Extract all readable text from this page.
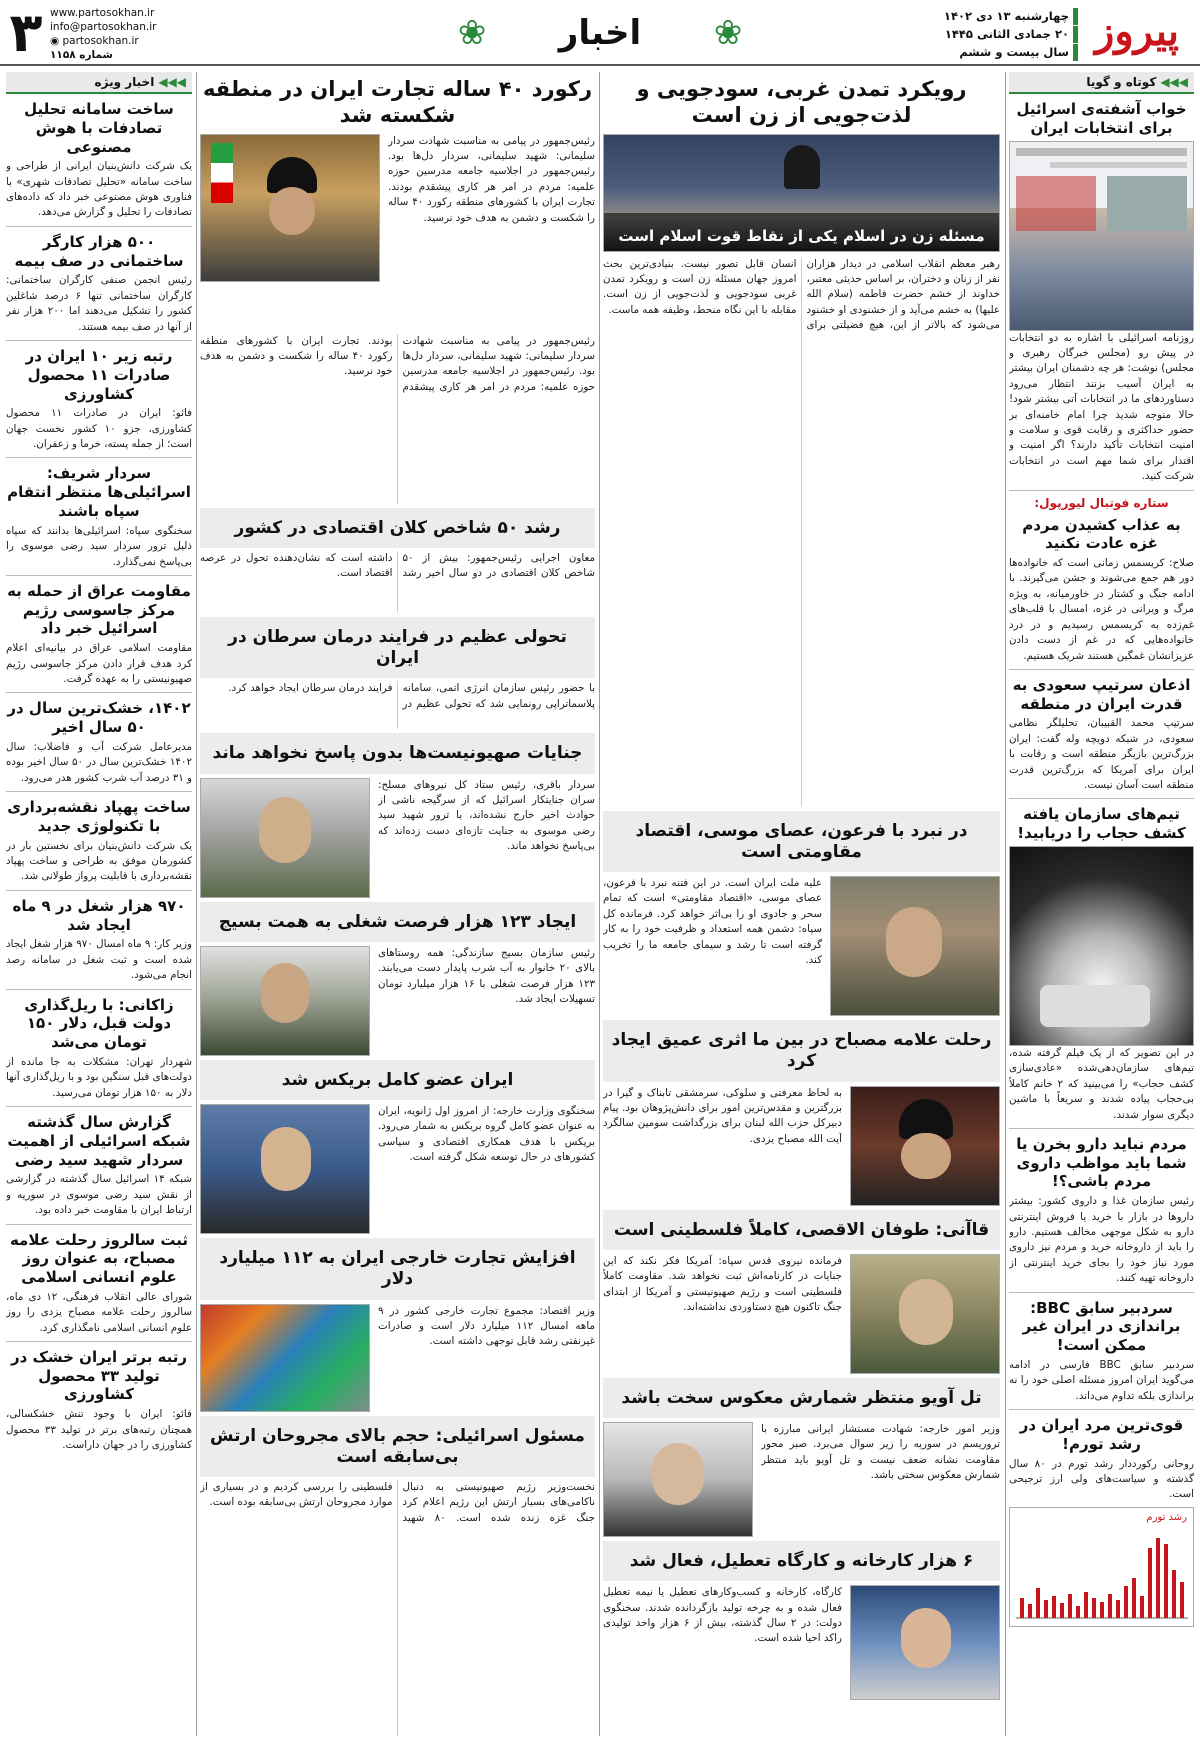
پیروز
چهارشنبه ۱۳ دی ۱۴۰۲
۲۰ جمادی الثانی ۱۴۴۵
سال بیست و ششم
❀
اخبار
❀
www.partosokhan.ir
info@partosokhan.ir
◉ partosokhan.ir
شماره ۱۱۵۸
۳
◀◀◀کوتاه و گویا
خواب آشفته‌ی اسرائیل برای انتخابات ایران

روزنامه اسرائیلی با اشاره به دو انتخابات در پیش رو (مجلس خبرگان رهبری و مجلس) نوشت: هر چه دشمنان ایران بیشتر به ایران آسیب بزنند انتظار می‌رود دستاوردهای ما در انتخابات آتی بیشتر شود! حالا متوجه شدید چرا امام خامنه‌ای بر حضور حداکثری و رقابت قوی و سلامت و امنیت انتخابات تأکید دارند؟ اگر امنیت و اقتدار برای شما مهم است در انتخابات شرکت کنید.

ستاره فوتبال لیورپول:
به عذاب کشیدن مردم غزه عادت نکنید

صلاح: کریسمس زمانی است که خانواده‌ها دور هم جمع می‌شوند و جشن می‌گیرند. با ادامه جنگ و کشتار در خاورمیانه، به ویژه مرگ و ویرانی در غزه، امسال با قلب‌های غم‌زده به کریسمس رسیدیم و در درد خانواده‌هایی که در غم از دست دادن عزیزانشان غمگین هستند شریک هستیم.

اذعان سرتیپ سعودی به قدرت ایران در منطقه

سرتیپ محمد القبیبان، تحلیلگر نظامی سعودی، در شبکه دویچه وله گفت: ایران بزرگ‌ترین بازیگر منطقه است و رقابت با ایران برای آمریکا که بزرگ‌ترین قدرت منطقه است آسان نیست.

تیم‌های سازمان یافته کشف حجاب را دریابید!

در این تصویر که از یک فیلم گرفته شده، تیم‌های سازمان‌دهی‌شده «عادی‌سازی کشف حجاب» را می‌بینید که ۲ خانم کاملاً بی‌حجاب پیاده شدند و سریعاً با ماشین دیگری سوار شدند.

مردم نباید دارو بخرن یا شما باید مواظب داروی مردم باشی؟!

رئیس سازمان غذا و داروی کشور: بیشتر داروها در بازار با خرید یا فروش اینترنتی دارو به شکل موجهی مخالف هستیم. دارو را باید از داروخانه خرید و مردم نیز داروی مورد نیاز خود را بجای خرید اینترنتی از داروخانه تهیه کنند.

سردبیر سابق BBC: براندازی در ایران غیر ممکن است!

سردبیر سابق BBC فارسی در ادامه می‌گوید ایران امروز مسئله اصلی خود را نه براندازی بلکه تداوم می‌داند.

قوی‌ترین مرد ایران در رشد تورم!

روحانی رکورددار رشد تورم در ۸۰ سال گذشته و سیاست‌های ولی ارز ترجیحی است.

رشد تورم
رویکرد تمدن غربی، سودجویی و لذت‌جویی از زن است
مسئله زن در اسلام یکی از نقاط قوت اسلام است

رهبر معظم انقلاب اسلامی در دیدار هزاران نفر از زنان و دختران، بر اساس حدیثی معتبر، خداوند از خشم حضرت فاطمه (سلام الله علیها) به خشم می‌آید و از خشنودی او خشنود می‌شود که بالاتر از این، هیچ فضیلتی برای انسان قابل تصور نیست. بنیادی‌ترین بحث امروز جهان مسئله زن است و رویکرد تمدن غربی سودجویی و لذت‌جویی از زن است. مقابله با این نگاه منحط، وظیفه همه ماست.

در نبرد با فرعون، عصای موسی، اقتصاد مقاومتی است

علیه ملت ایران است. در این فتنه نبرد با فرعون، عصای موسی، «اقتصاد مقاومتی» است که تمام سحر و جادوی او را بی‌اثر خواهد کرد. فرمانده کل سپاه: دشمن همه استعداد و ظرفیت خود را به کار گرفته است تا رشد و سیمای جامعه ما را تخریب کند.

رحلت علامه مصباح در بین ما اثری عمیق ایجاد کرد

به لحاظ معرفتی و سلوکی، سرمشقی تابناک و گیرا در بزرگترین و مقدس‌ترین امور برای دانش‌پژوهان بود. پیام دبیرکل حزب الله لبنان برای بزرگداشت سومین سالگرد آیت الله مصباح یزدی.

قاآنی: طوفان الاقصی، کاملاً فلسطینی است

فرمانده نیروی قدس سپاه: آمریکا فکر نکند که این جنایات در کارنامه‌اش ثبت نخواهد شد. مقاومت کاملاً فلسطینی است و رژیم صهیونیستی و آمریکا از ابتدای جنگ تاکنون هیچ دستاوردی نداشته‌اند.

تل آویو منتظر شمارش معکوس سخت باشد

وزیر امور خارجه: شهادت مستشار ایرانی مبارزه با تروریسم در سوریه را زیر سوال می‌برد. صبر محور مقاومت نشانه ضعف نیست و تل آویو باید منتظر شمارش معکوس سختی باشد.

۶ هزار کارخانه و کارگاه تعطیل، فعال شد

کارگاه، کارخانه و کسب‌وکارهای تعطیل یا نیمه تعطیل فعال شده و به چرخه تولید بازگردانده شدند. سخنگوی دولت: در ۲ سال گذشته، بیش از ۶ هزار واحد تولیدی راکد احیا شده است.

رکورد ۴۰ ساله تجارت ایران در منطقه شکسته شد

رئیس‌جمهور در پیامی به مناسبت شهادت سردار سلیمانی: شهید سلیمانی، سردار دل‌ها بود. رئیس‌جمهور در اجلاسیه جامعه مدرسین حوزه علمیه: مردم در امر هر کاری پیشقدم بودند. تجارت ایران با کشورهای منطقه رکورد ۴۰ ساله را شکست و دشمن به هدف خود نرسید.

رئیس‌جمهور در پیامی به مناسبت شهادت سردار سلیمانی: شهید سلیمانی، سردار دل‌ها بود. رئیس‌جمهور در اجلاسیه جامعه مدرسین حوزه علمیه: مردم در امر هر کاری پیشقدم بودند. تجارت ایران با کشورهای منطقه رکورد ۴۰ ساله را شکست و دشمن به هدف خود نرسید.

رشد ۵۰ شاخص کلان اقتصادی در کشور

معاون اجرایی رئیس‌جمهور: بیش از ۵۰ شاخص کلان اقتصادی در دو سال اخیر رشد داشته است که نشان‌دهنده تحول در عرصه اقتصاد است.

تحولی عظیم در فرایند درمان سرطان در ایران

با حضور رئیس سازمان انرژی اتمی، سامانه پلاسماتراپی رونمایی شد که تحولی عظیم در فرایند درمان سرطان ایجاد خواهد کرد.

جنایات صهیونیست‌ها بدون پاسخ نخواهد ماند

سردار باقری، رئیس ستاد کل نیروهای مسلح: سران جنایتکار اسرائیل که از سرگیجه ناشی از حوادث اخیر خارج نشده‌اند، با ترور شهید سید رضی موسوی به جنایت تازه‌ای دست زده‌اند که بی‌پاسخ نخواهد ماند.

ایجاد ۱۲۳ هزار فرصت شغلی به همت بسیج

رئیس سازمان بسیج سازندگی: همه روستاهای بالای ۲۰ خانوار به آب شرب پایدار دست می‌یابند. ۱۲۳ هزار فرصت شغلی با ۱۶ هزار میلیارد تومان تسهیلات ایجاد شد.

ایران عضو کامل بریکس شد

سخنگوی وزارت خارجه: از امروز اول ژانویه، ایران به عنوان عضو کامل گروه بریکس به شمار می‌رود. بریکس با هدف همکاری اقتصادی و سیاسی کشورهای در حال توسعه شکل گرفته است.

افزایش تجارت خارجی ایران به ۱۱۲ میلیارد دلار

وزیر اقتصاد: مجموع تجارت خارجی کشور در ۹ ماهه امسال ۱۱۲ میلیارد دلار است و صادرات غیرنفتی رشد قابل توجهی داشته است.

مسئول اسرائیلی: حجم بالای مجروحان ارتش بی‌سابقه است

نخست‌وزیر رژیم صهیونیستی به دنبال ناکامی‌های بسیار ارتش این رژیم اعلام کرد جنگ غزه زنده شده است. ۸۰ شهید فلسطینی را بررسی کردیم و در بسیاری از موارد مجروحان ارتش بی‌سابقه بوده است.

◀◀◀اخبار ویژه
ساخت سامانه تحلیل تصادفات با هوش مصنوعی

یک شرکت دانش‌بنیان ایرانی از طراحی و ساخت سامانه «تحلیل تصادفات شهری» با فناوری هوش مصنوعی خبر داد که داده‌های تصادفات را تحلیل و گزارش می‌دهد.

۵۰۰ هزار کارگر ساختمانی در صف بیمه

رئیس انجمن صنفی کارگران ساختمانی: کارگران ساختمانی تنها ۶ درصد شاغلین کشور را تشکیل می‌دهند اما ۲۰۰ هزار نفر از آنها در صف بیمه هستند.

رتبه زیر ۱۰ ایران در صادرات ۱۱ محصول کشاورزی

فائو: ایران در صادرات ۱۱ محصول کشاورزی، جزو ۱۰ کشور نخست جهان است؛ از جمله پسته، خرما و زعفران.

سردار شریف: اسرائیلی‌ها منتظر انتقام سپاه باشند

سخنگوی سپاه: اسرائیلی‌ها بدانند که سپاه ذلیل ترور سردار سید رضی موسوی را بی‌پاسخ نمی‌گذارد.

مقاومت عراق از حمله به مرکز جاسوسی رژیم اسرائیل خبر داد

مقاومت اسلامی عراق در بیانیه‌ای اعلام کرد هدف قرار دادن مرکز جاسوسی رژیم صهیونیستی را به عهده گرفت.

۱۴۰۲، خشک‌ترین سال در ۵۰ سال اخیر

مدیرعامل شرکت آب و فاضلاب: سال ۱۴۰۲ خشک‌ترین سال در ۵۰ سال اخیر بوده و ۳۱ درصد آب شرب کشور هدر می‌رود.

ساخت پهپاد نقشه‌برداری با تکنولوژی جدید

یک شرکت دانش‌بنیان برای نخستین بار در کشورمان موفق به طراحی و ساخت پهپاد نقشه‌برداری با قابلیت پرواز طولانی شد.

۹۷۰ هزار شغل در ۹ ماه ایجاد شد

وزیر کار: ۹ ماه امسال ۹۷۰ هزار شغل ایجاد شده است و ثبت شغل در سامانه رصد انجام می‌شود.

زاکانی: با ریل‌گذاری دولت قبل، دلار ۱۵۰ تومان می‌شد

شهردار تهران: مشکلات به جا مانده از دولت‌های قبل سنگین بود و با ریل‌گذاری آنها دلار به ۱۵۰ هزار تومان می‌رسید.

گزارش سال گذشته شبکه اسرائیلی از اهمیت سردار شهید سید رضی

شبکه ۱۴ اسرائیل سال گذشته در گزارشی از نقش سید رضی موسوی در سوریه و ارتباط ایران با مقاومت خبر داده بود.

ثبت سالروز رحلت علامه مصباح، به عنوان روز علوم انسانی اسلامی

شورای عالی انقلاب فرهنگی، ۱۲ دی ماه، سالروز رحلت علامه مصباح یزدی را روز علوم انسانی اسلامی نامگذاری کرد.

رتبه برتر ایران خشک در تولید ۳۳ محصول کشاورزی

فائو: ایران با وجود تنش خشکسالی، همچنان رتبه‌های برتر در تولید ۳۳ محصول کشاورزی را در جهان داراست.
